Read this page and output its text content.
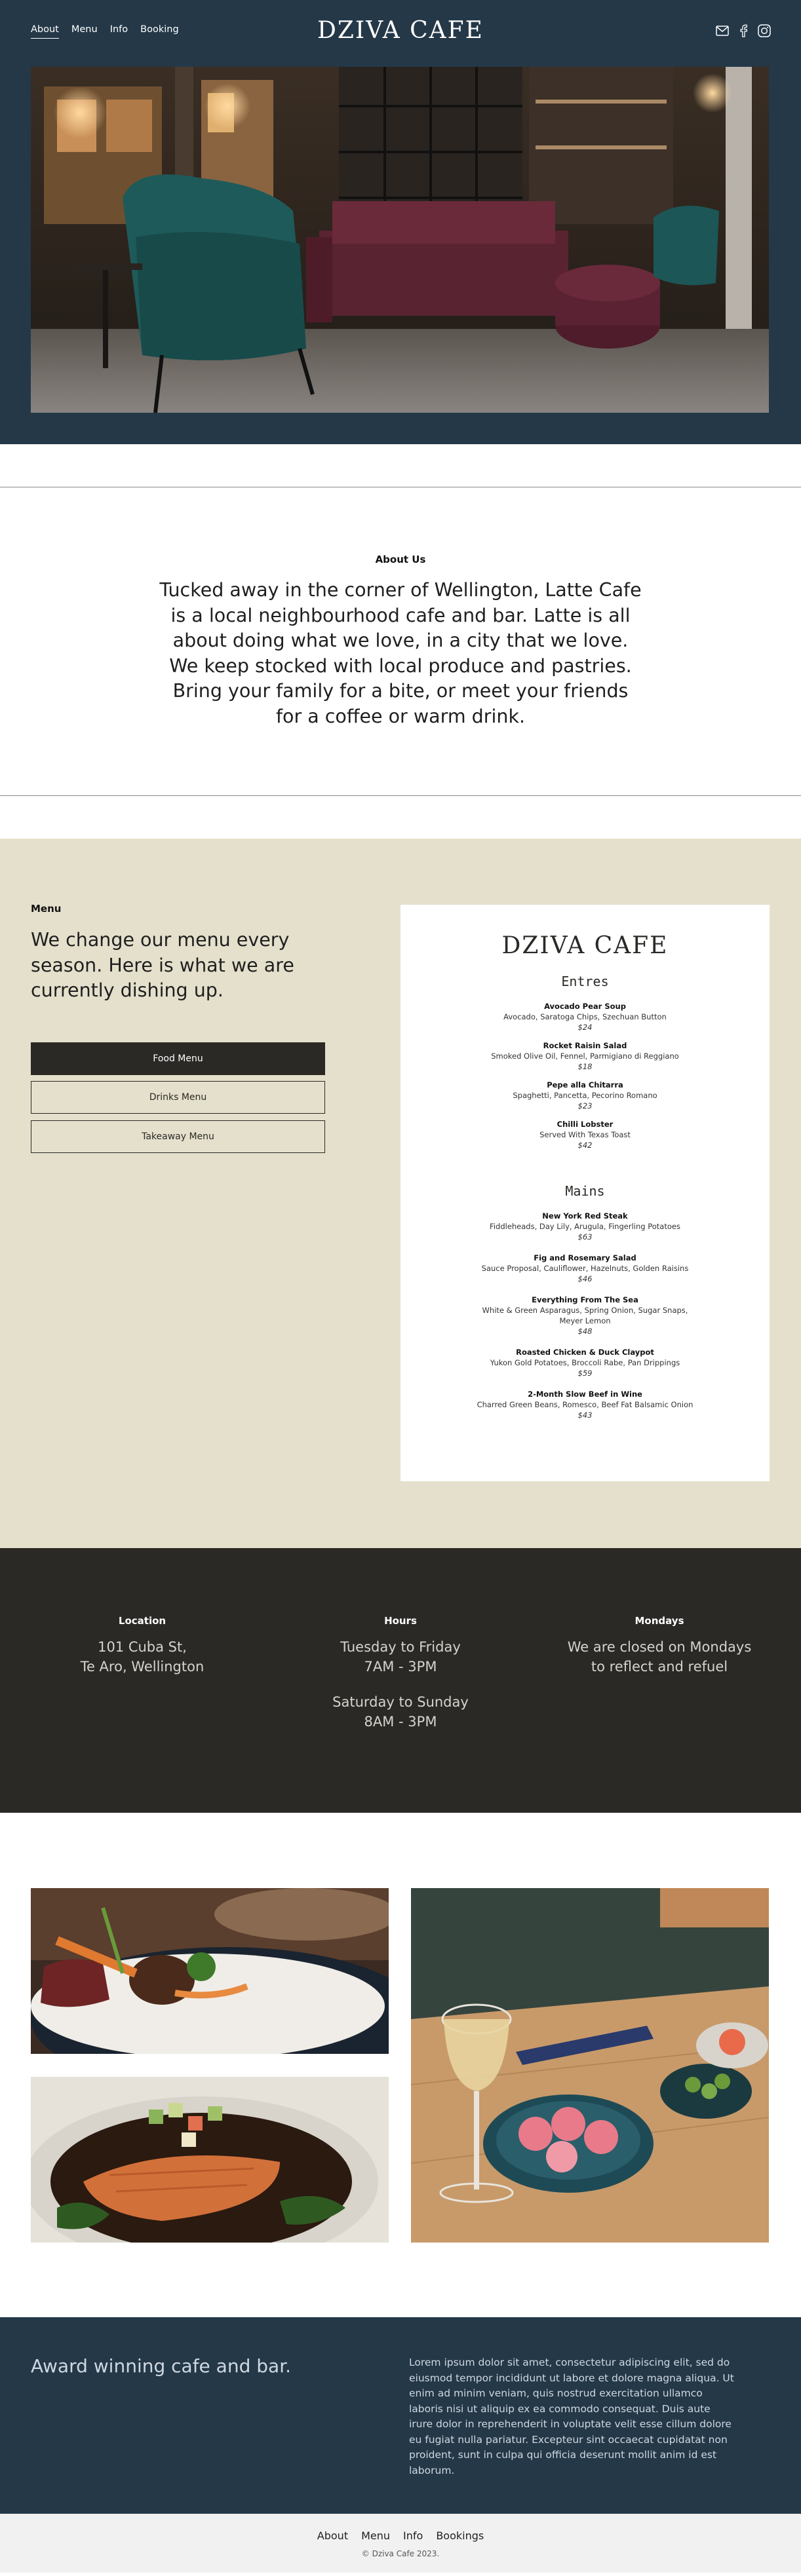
About Menu Info Booking	DZIVA CAFE
About Us
Tucked away in the corner of Wellington, Latte Cafe is a local neighbourhood cafe and bar. Latte is all about doing what we love, in a city that we love. We keep stocked with local produce and pastries. Bring your family for a bite, or meet your friends for a coffee or warm drink.
Menu
We change our menu every season. Here is what we are currently dishing up.
Food Menu
Drinks Menu
Takeaway Menu
DZIVA CAFE
Entres
Avocado Pear Soup
Avocado, Saratoga Chips, Szechuan Button
$24
Rocket Raisin Salad
Smoked Olive Oil, Fennel, Parmigiano di Reggiano
$18
Pepe alla Chitarra
Spaghetti, Pancetta, Pecorino Romano
$23
Chilli Lobster
Served With Texas Toast
$42
Mains
New York Red Steak
Fiddleheads, Day Lily, Arugula, Fingerling Potatoes
$63
Fig and Rosemary Salad
Sauce Proposal, Cauliflower, Hazelnuts, Golden Raisins
$46
Everything From The Sea
White & Green Asparagus, Spring Onion, Sugar Snaps, Meyer Lemon
$48
Roasted Chicken & Duck Claypot
Yukon Gold Potatoes, Broccoli Rabe, Pan Drippings
$59
2-Month Slow Beef in Wine
Charred Green Beans, Romesco, Beef Fat Balsamic Onion
$43
Location
101 Cuba St,
Te Aro, Wellington
Hours
Tuesday to Friday
7AM - 3PM
Saturday to Sunday
8AM - 3PM
Mondays
We are closed on Mondays
to reflect and refuel
Award winning cafe and bar.	Lorem ipsum dolor sit amet, consectetur adipiscing elit, sed do eiusmod tempor incididunt ut labore et dolore magna aliqua. Ut enim ad minim veniam, quis nostrud exercitation ullamco laboris nisi ut aliquip ex ea commodo consequat. Duis aute irure dolor in reprehenderit in voluptate velit esse cillum dolore eu fugiat nulla pariatur. Excepteur sint occaecat cupidatat non proident, sunt in culpa qui officia deserunt mollit anim id est laborum.
About Menu Info Bookings
© Dziva Cafe 2023.
